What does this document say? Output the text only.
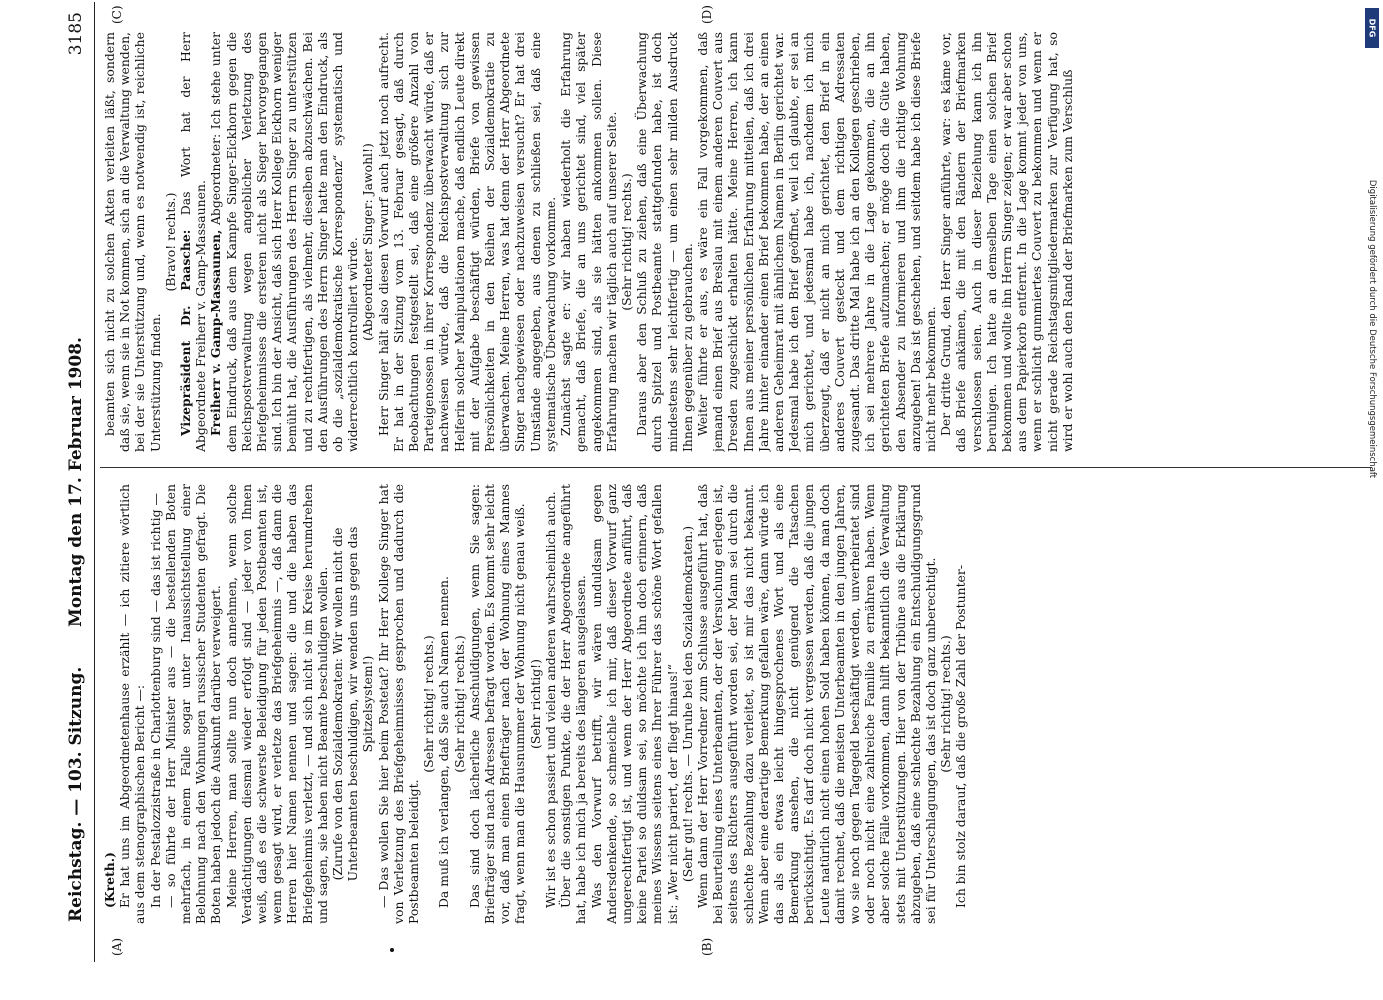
Reichstag. — 103. Sitzung.
Montag den 17. Februar 1908.
3185
(A)	(B)
(C)	(D)

(Kreth.) Er hat uns im Abgeordnetenhause erzählt — ich zitiere wörtlich aus dem stenographischen Bericht —: In der Pestalozzistraße in Charlottenburg sind — das ist richtig — — so führte der Herr Minister aus — die bestellenden Boten mehrfach, in einem Falle sogar unter Inaussichtstellung einer Belohnung nach den Wohnungen russischer Studenten gefragt. Die Boten haben jedoch die Auskunft darüber verweigert. Meine Herren, man sollte nun doch annehmen, wenn solche Verdächtigungen diesmal wieder erfolgt sind — jeder von Ihnen weiß, daß es die schwerste Beleidigung für jeden Postbeamten ist, wenn gesagt wird, er verletze das Briefgeheimnis —, daß dann die Herren hier Namen nennen und sagen: die und die haben das Briefgeheimnis verletzt, — und sich nicht so im Kreise herumdrehen und sagen, sie haben nicht Beamte beschuldigen wollen. (Zurufe von den Sozialdemokraten: Wir wollen nicht die Unterbeamten beschuldigen, wir wenden uns gegen das Spitzelsystem!) — Das wollen Sie hier beim Postetat? Ihr Herr Kollege Singer hat von Verletzung des Briefgeheimnisses gesprochen und dadurch die Postbeamten beleidigt.

(Sehr richtig! rechts.) Da muß ich verlangen, daß Sie auch Namen nennen. (Sehr richtig! rechts.) Das sind doch lächerliche Anschuldigungen, wenn Sie sagen: Briefträger sind nach Adressen befragt worden. Es kommt sehr leicht vor, daß man einen Briefträger nach der Wohnung eines Mannes fragt, wenn man die Hausnummer der Wohnung nicht genau weiß. (Sehr richtig!) Wir ist es schon passiert und vielen anderen wahrscheinlich auch. Über die sonstigen Punkte, die der Herr Abgeordnete angeführt hat, habe ich mich ja bereits des längeren ausgelassen. Was den Vorwurf betrifft, wir wären unduldsam gegen Andersdenkende, so schmeichle ich mir, daß dieser Vorwurf ganz ungerechtfertigt ist, und wenn der Herr Abgeordnete anführt, daß keine Partei so duldsam sei, so möchte ich ihn doch erinnern, daß meines Wissens seitens eines Ihrer Führer das schöne Wort gefallen ist: „Wer nicht pariert, der fliegt hinaus!“ (Sehr gut! rechts. — Unruhe bei den Sozialdemokraten.) Wenn dann der Herr Vorredner zum Schlusse ausgeführt hat, daß bei Beurteilung eines Unterbeamten, der der Versuchung erlegen ist, seitens des Richters ausgeführt worden sei, der Mann sei durch die schlechte Bezahlung dazu verleitet, so ist mir das nicht bekannt. Wenn aber eine derartige Bemerkung gefallen wäre, dann würde ich das als ein etwas leicht hingesprochenes Wort und als eine Bemerkung ansehen, die nicht genügend die Tatsachen berücksichtigt. Es darf doch nicht vergessen werden, daß die jungen Leute natürlich nicht einen hohen Sold haben können, da man doch damit rechnet, daß die meisten Unterbeamten in den jungen Jahren, wo sie noch gegen Tagegeld beschäftigt werden, unverheiratet sind oder noch nicht eine zahlreiche Familie zu ernähren haben. Wenn aber solche Fälle vorkommen, dann hilft bekanntlich die Verwaltung stets mit Unterstützungen. Hier von der Tribüne aus die Erklärung abzugeben, daß eine schlechte Bezahlung ein Entschuldigungsgrund sei für Unterschlagungen, das ist doch ganz unberechtigt. (Sehr richtig! rechts.) Ich bin stolz darauf, daß die große Zahl der Postunter-

beamten sich nicht zu solchen Akten verleiten läßt, sondern daß sie, wenn sie in Not kommen, sich an die Verwaltung wenden, bei der sie Unterstützung und, wenn es notwendig ist, reichliche Unterstützung finden.

(Bravo! rechts.) Vizepräsident Dr. Paasche: Das Wort hat der Herr Abgeordnete Freiherr v. Gamp-Massaunen. Freiherr v. Gamp-Massaunen, Abgeordneter: Ich stehe unter dem Eindruck, daß aus dem Kampfe Singer-Eickhorn gegen die Reichspostverwaltung wegen angeblicher Verletzung des Briefgeheimnisses die ersteren nicht als Sieger hervorgegangen sind. Ich bin der Ansicht, daß sich Herr Kollege Eickhorn weniger bemüht hat, die Ausführungen des Herrn Singer zu unterstützen und zu rechtfertigen, als vielmehr, dieselben abzuschwächen. Bei den Ausführungen des Herrn Singer hatte man den Eindruck, als ob die „sozialdemokratische Korrespondenz“ systematisch und widerrechtlich kontrolliert würde. (Abgeordneter Singer: Jawohl!) Herr Singer hält also diesen Vorwurf auch jetzt noch aufrecht. Er hat in der Sitzung vom 13. Februar gesagt, daß durch Beobachtungen festgestellt sei, daß eine größere Anzahl von Parteigenossen in ihrer Korrespondenz überwacht würde, daß er nachweisen würde, daß die Reichspostverwaltung sich zur Helferin solcher Manipulationen mache, daß endlich Leute direkt mit der Aufgabe beschäftigt würden, Briefe von gewissen Persönlichkeiten in den Reihen der Sozialdemokratie zu überwachen. Meine Herren, was hat denn der Herr Abgeordnete Singer nachgewiesen oder nachzuweisen versucht? Er hat drei Umstände angegeben, aus denen zu schließen sei, daß eine systematische Überwachung vorkomme. Zunächst sagte er: wir haben wiederholt die Erfahrung gemacht, daß Briefe, die an uns gerichtet sind, viel später angekommen sind, als sie hätten ankommen sollen. Diese Erfahrung machen wir täglich auch auf unserer Seite. (Sehr richtig! rechts.) Daraus aber den Schluß zu ziehen, daß eine Überwachung durch Spitzel und Postbeamte stattgefunden habe, ist doch mindestens sehr leichtfertig — um einen sehr milden Ausdruck Ihnen gegenüber zu gebrauchen. Weiter führte er aus, es wäre ein Fall vorgekommen, daß jemand einen Brief aus Breslau mit einem anderen Couvert aus Dresden zugeschickt erhalten hätte. Meine Herren, ich kann Ihnen aus meiner persönlichen Erfahrung mitteilen, daß ich drei Jahre hinter einander einen Brief bekommen habe, der an einen anderen Geheimrat mit ähnlichem Namen in Berlin gerichtet war. Jedesmal habe ich den Brief geöffnet, weil ich glaubte, er sei an mich gerichtet, und jedesmal habe ich, nachdem ich mich überzeugt, daß er nicht an mich gerichtet, den Brief in ein anderes Couvert gesteckt und dem richtigen Adressaten zugesandt. Das dritte Mal habe ich an den Kollegen geschrieben, ich sei mehrere Jahre in die Lage gekommen, die an ihn gerichteten Briefe aufzumachen; er möge doch die Güte haben, den Absender zu informieren und ihm die richtige Wohnung anzugeben! Das ist geschehen, und seitdem habe ich diese Briefe nicht mehr bekommen. Der dritte Grund, den Herr Singer anführte, war: es käme vor, daß Briefe ankämen, die mit den Rändern der Briefmarken verschlossen seien. Auch in dieser Beziehung kann ich ihn beruhigen. Ich hatte an demselben Tage einen solchen Brief bekommen und wollte ihn Herrn Singer zeigen; er war aber schon aus dem Papierkorb entfernt. In die Lage kommt jeder von uns, wenn er schlicht gummiertes Couvert zu bekommen und wenn er nicht gerade Reichstagsmitgliedermarken zur Verfügung hat, so wird er wohl auch den Rand der Briefmarken zum Verschluß

DFG
Digitalisierung gefördert durch die Deutsche Forschungsgemeinschaft
